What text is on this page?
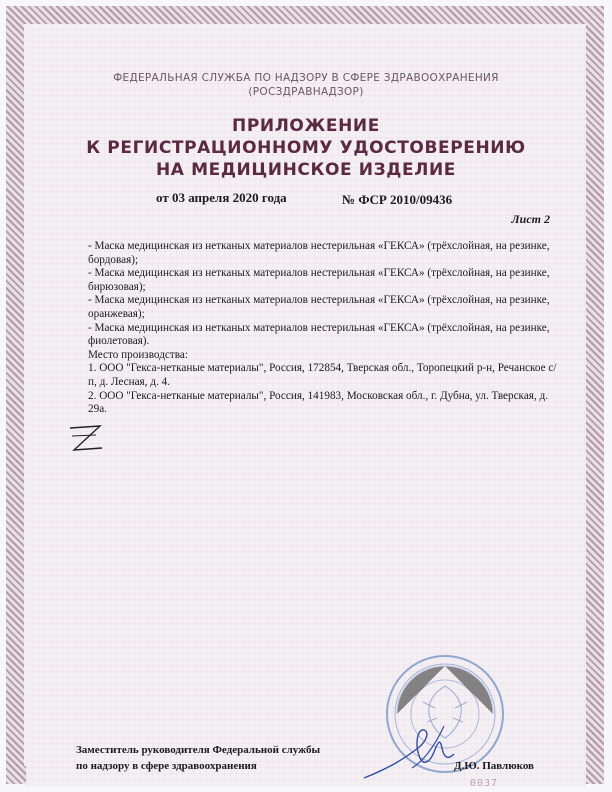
ФЕДЕРАЛЬНАЯ СЛУЖБА ПО НАДЗОРУ В СФЕРЕ ЗДРАВООХРАНЕНИЯ
(РОСЗДРАВНАДЗОР)
ПРИЛОЖЕНИЕ
К РЕГИСТРАЦИОННОМУ УДОСТОВЕРЕНИЮ
НА МЕДИЦИНСКОЕ ИЗДЕЛИЕ
от 03 апреля 2020 года	№ ФСР 2010/09436
Лист 2

- Маска медицинская из нетканых материалов нестерильная «ГЕКСА» (трёхслойная, на резинке, бордовая);

- Маска медицинская из нетканых материалов нестерильная «ГЕКСА» (трёхслойная, на резинке, бирюзовая);

- Маска медицинская из нетканых материалов нестерильная «ГЕКСА» (трёхслойная, на резинке, оранжевая);

- Маска медицинская из нетканых материалов нестерильная «ГЕКСА» (трёхслойная, на резинке, фиолетовая).

Место производства:

1. ООО "Гекса-нетканые материалы", Россия, 172854, Тверская обл., Торопецкий р-н, Речанское с/п, д. Лесная, д. 4.

2. ООО "Гекса-нетканые материалы", Россия, 141983, Московская обл., г. Дубна, ул. Тверская, д. 29а.

Заместитель руководителя Федеральной службы
по надзору в сфере здравоохранения	Д.Ю. Павлюков
0037
